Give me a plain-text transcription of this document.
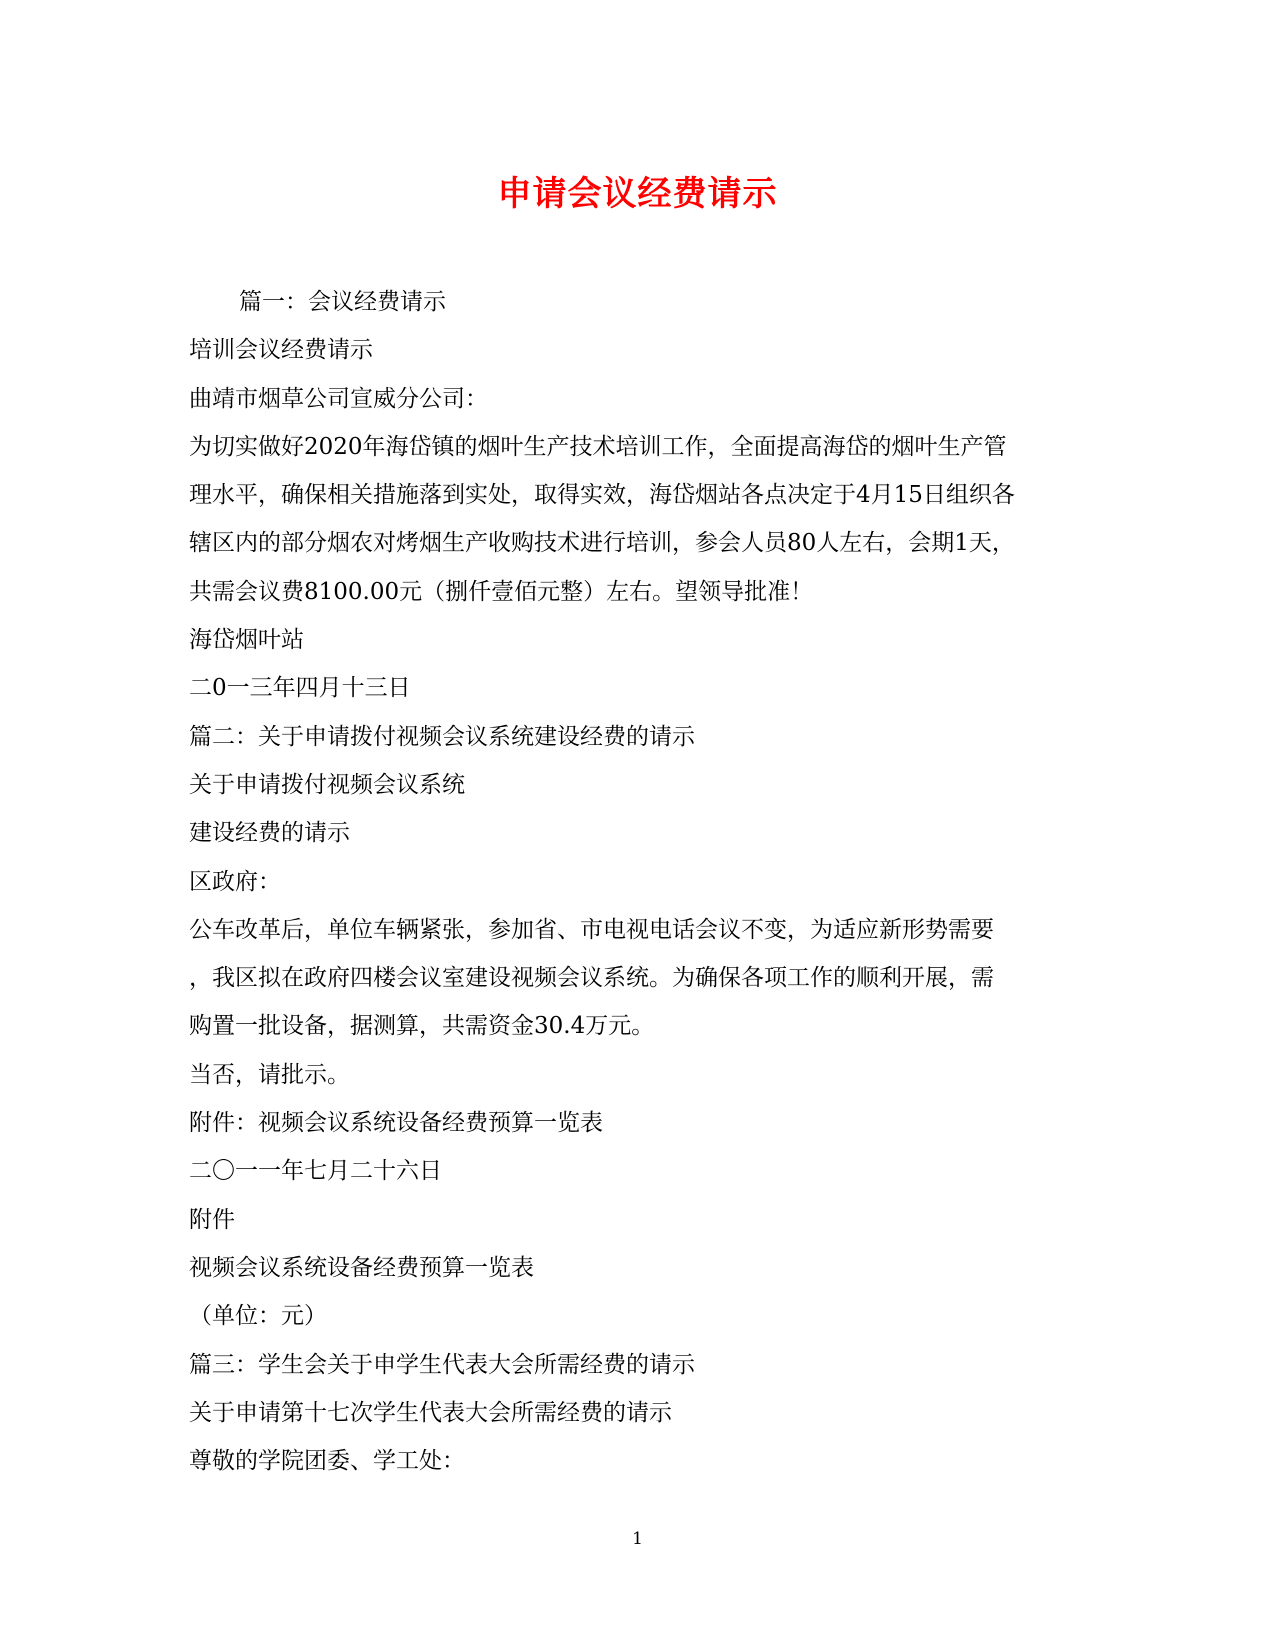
申请会议经费请示
篇一：会议经费请示
培训会议经费请示
曲靖市烟草公司宣威分公司：
为切实做好2020年海岱镇的烟叶生产技术培训工作，全面提高海岱的烟叶生产管
理水平，确保相关措施落到实处，取得实效，海岱烟站各点决定于4月15日组织各
辖区内的部分烟农对烤烟生产收购技术进行培训，参会人员80人左右，会期1天，
共需会议费8100.00元（捌仟壹佰元整）左右。望领导批准！
海岱烟叶站
二0一三年四月十三日
篇二：关于申请拨付视频会议系统建设经费的请示
关于申请拨付视频会议系统
建设经费的请示
区政府：
公车改革后，单位车辆紧张，参加省、市电视电话会议不变，为适应新形势需要
，我区拟在政府四楼会议室建设视频会议系统。为确保各项工作的顺利开展，需
购置一批设备，据测算，共需资金30.4万元。
当否，请批示。
附件：视频会议系统设备经费预算一览表
二〇一一年七月二十六日
附件
视频会议系统设备经费预算一览表
（单位：元）
篇三：学生会关于申学生代表大会所需经费的请示
关于申请第十七次学生代表大会所需经费的请示
尊敬的学院团委、学工处：
1
